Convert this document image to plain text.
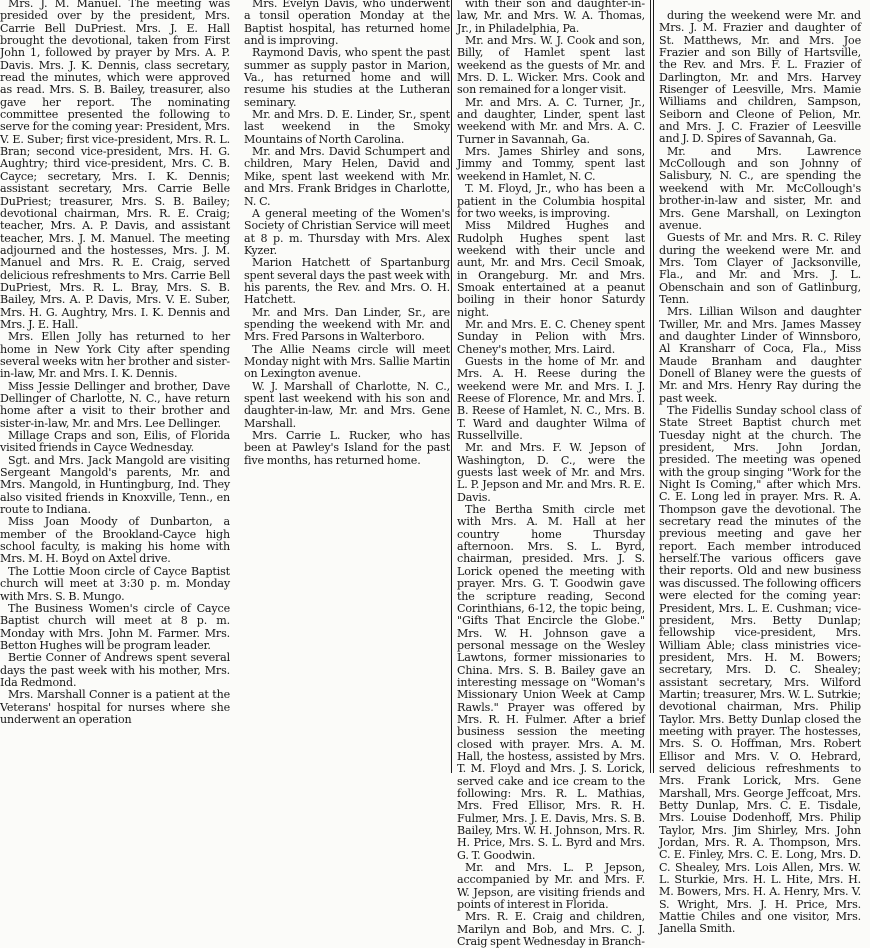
Mrs. J. M. Manuel. The meeting was presided over by the president, Mrs. Carrie Bell DuPriest. Mrs. J. E. Hall brought the devotional, taken from First John 1, followed by prayer by Mrs. A. P. Davis. Mrs. J. K. Dennis, class secretary, read the minutes, which were approved as read. Mrs. S. B. Bailey, treasurer, also gave her report. The nominating committee presented the following to serve for the coming year: President, Mrs. V. E. Suber; first vice-president, Mrs. R. L. Bran; second vice-president, Mrs. H. G. Aughtry; third vice-president, Mrs. C. B. Cayce; secretary, Mrs. I. K. Dennis; assistant secretary, Mrs. Carrie Belle DuPriest; treasurer, Mrs. S. B. Bailey; devotional chairman, Mrs. R. E. Craig; teacher, Mrs. A. P. Davis, and assistant teacher, Mrs. J. M. Manuel. The meeting adjourned and the hostesses, Mrs. J. M. Manuel and Mrs. R. E. Craig, served delicious refreshments to Mrs. Carrie Bell DuPriest, Mrs. R. L. Bray, Mrs. S. B. Bailey, Mrs. A. P. Davis, Mrs. V. E. Suber, Mrs. H. G. Aughtry, Mrs. I. K. Dennis and Mrs. J. E. Hall.

Mrs. Ellen Jolly has returned to her home in New York City after spending several weeks witn her brother and sister-in-law, Mr. and Mrs. I. K. Dennis.

Miss Jessie Dellinger and brother, Dave Dellinger of Charlotte, N. C., have return home after a visit to their brother and sister-in-law, Mr. and Mrs. Lee Dellinger.

Millage Craps and son, Eilis, of Florida visited friends in Cayce Wednesday.

Sgt. and Mrs. Jack Mangold are visiting Sergeant Mangold's parents, Mr. and Mrs. Mangold, in Huntingburg, Ind. They also visited friends in Knoxville, Tenn., en route to Indiana.

Miss Joan Moody of Dunbarton, a member of the Brookland-Cayce high school faculty, is making his home with Mrs. M. H. Boyd on Axtel drive.

The Lottie Moon circle of Cayce Baptist church will meet at 3:30 p. m. Monday with Mrs. S. B. Mungo.

The Business Women's circle of Cayce Baptist church will meet at 8 p. m. Monday with Mrs. John M. Farmer. Mrs. Betton Hughes will be program leader.

Bertie Conner of Andrews spent several days the past week with his mother, Mrs. Ida Redmond.

Mrs. Marshall Conner is a patient at the Veterans' hospital for nurses where she underwent an operation

Mrs. Evelyn Davis, who underwent a tonsil operation Monday at the Baptist hospital, has returned home and is improving.

Raymond Davis, who spent the past summer as supply pastor in Marion, Va., has returned home and will resume his studies at the Lutheran seminary.

Mr. and Mrs. D. E. Linder, Sr., spent last weekend in the Smoky Mountains of North Carolina.

Mr. and Mrs. David Schumpert and children, Mary Helen, David and Mike, spent last weekend with Mr. and Mrs. Frank Bridges in Charlotte, N. C.

A general meeting of the Women's Society of Christian Service will meet at 8 p. m. Thursday with Mrs. Alex Kyzer.

Marion Hatchett of Spartanburg spent several days the past week with his parents, the Rev. and Mrs. O. H. Hatchett.

Mr. and Mrs. Dan Linder, Sr., are spending the weekend with Mr. and Mrs. Fred Parsons in Walterboro.

The Allie Neams circle will meet Monday night with Mrs. Sallie Martin on Lexington avenue.

W. J. Marshall of Charlotte, N. C., spent last weekend with his son and daughter-in-law, Mr. and Mrs. Gene Marshall.

Mrs. Carrie L. Rucker, who has been at Pawley's Island for the past five months, has returned home.

with their son and daughter-in-law, Mr. and Mrs. W. A. Thomas, Jr., in Philadelphia, Pa.

Mr. and Mrs. W. J. Cook and son, Billy, of Hamlet spent last weekend as the guests of Mr. and Mrs. D. L. Wicker. Mrs. Cook and son remained for a longer visit.

Mr. and Mrs. A. C. Turner, Jr., and daughter, Linder, spent last weekend with Mr. and Mrs. A. C. Turner in Savannah, Ga.

Mrs. James Shirley and sons, Jimmy and Tommy, spent last weekend in Hamlet, N. C.

T. M. Floyd, Jr., who has been a patient in the Columbia hospital for two weeks, is improving.

Miss Mildred Hughes and Rudolph Hughes spent last weekend with their uncle and aunt, Mr. and Mrs. Cecil Smoak, in Orangeburg. Mr. and Mrs. Smoak entertained at a peanut boiling in their honor Saturdy night.

Mr. and Mrs. E. C. Cheney spent Sunday in Pelion with Mrs. Cheney's mother, Mrs. Laird.

Guests in the home of Mr. and Mrs. A. H. Reese during the weekend were Mr. and Mrs. I. J. Reese of Florence, Mr. and Mrs. I. B. Reese of Hamlet, N. C., Mrs. B. T. Ward and daughter Wilma of Russellville.

Mr. and Mrs. F. W. Jepson of Washington, D. C., were the guests last week of Mr. and Mrs. L. P. Jepson and Mr. and Mrs. R. E. Davis.

The Bertha Smith circle met with Mrs. A. M. Hall at her country home Thursday afternoon. Mrs. S. L. Byrd, chairman, presided. Mrs. J. S. Lorick opened the meeting with prayer. Mrs. G. T. Goodwin gave the scripture reading, Second Corinthians, 6-12, the topic being, "Gifts That Encircle the Globe." Mrs. W. H. Johnson gave a personal message on the Wesley Lawtons, former missionaries to China. Mrs. S. B. Bailey gave an interesting message on "Woman's Missionary Union Week at Camp Rawls." Prayer was offered by Mrs. R. H. Fulmer. After a brief business session the meeting closed with prayer. Mrs. A. M. Hall, the hostess, assisted by Mrs. T. M. Floyd and Mrs. J. S. Lorick, served cake and ice cream to the following: Mrs. R. L. Mathias, Mrs. Fred Ellisor, Mrs. R. H. Fulmer, Mrs. J. E. Davis, Mrs. S. B. Bailey, Mrs. W. H. Johnson, Mrs. R. H. Price, Mrs. S. L. Byrd and Mrs. G. T. Goodwin.

Mr. and Mrs. L. P. Jepson, accompanied by Mr. and Mrs. F. W. Jepson, are visiting friends and points of interest in Florida.

Mrs. R. E. Craig and children, Marilyn and Bob, and Mrs. C. J. Craig spent Wednesday in Branch-

during the weekend were Mr. and Mrs. J. M. Frazier and daughter of St. Matthews, Mr. and Mrs. Joe Frazier and son Billy of Hartsville, the Rev. and Mrs. F. L. Frazier of Darlington, Mr. and Mrs. Harvey Risenger of Leesville, Mrs. Mamie Williams and children, Sampson, Seiborn and Cleone of Pelion, Mr. and Mrs. J. C. Frazier of Leesville and J. D. Spires of Savannah, Ga.

Mr. and Mrs. Lawrence McCollough and son Johnny of Salisbury, N. C., are spending the weekend with Mr. McCollough's brother-in-law and sister, Mr. and Mrs. Gene Marshall, on Lexington avenue.

Guests of Mr. and Mrs. R. C. Riley during the weekend were Mr. and Mrs. Tom Clayer of Jacksonville, Fla., and Mr. and Mrs. J. L. Obenschain and son of Gatlinburg, Tenn.

Mrs. Lillian Wilson and daughter Twiller, Mr. and Mrs. James Massey and daughter Linder of Winnsboro, Al Kransharr of Coca, Fla., Miss Maude Branham and daughter Donell of Blaney were the guests of Mr. and Mrs. Henry Ray during the past week.

The Fidellis Sunday school class of State Street Baptist church met Tuesday night at the church. The president, Mrs. John Jordan, presided. The meeting was opened with the group singing "Work for the Night Is Coming," after which Mrs. C. E. Long led in prayer. Mrs. R. A. Thompson gave the devotional. The secretary read the minutes of the previous meeting and gave her report. Each member introduced herself.The various officers gave their reports. Old and new business was discussed. The following officers were elected for the coming year: President, Mrs. L. E. Cushman; vice-president, Mrs. Betty Dunlap; fellowship vice-president, Mrs. William Able; class ministries vice-president, Mrs. H. M. Bowers; secretary, Mrs. D. C. Shealey; assistant secretary, Mrs. Wilford Martin; treasurer, Mrs. W. L. Sutrkie; devotional chairman, Mrs. Philip Taylor. Mrs. Betty Dunlap closed the meeting with prayer. The hostesses, Mrs. S. O. Hoffman, Mrs. Robert Ellisor and Mrs. V. O. Hebrard, served delicious refreshments to Mrs. Frank Lorick, Mrs. Gene Marshall, Mrs. George Jeffcoat, Mrs. Betty Dunlap, Mrs. C. E. Tisdale, Mrs. Louise Dodenhoff, Mrs. Philip Taylor, Mrs. Jim Shirley, Mrs. John Jordan, Mrs. R. A. Thompson, Mrs. C. E. Finley, Mrs. C. E. Long, Mrs. D. C. Shealey, Mrs. Lois Allen, Mrs. W. L. Sturkie, Mrs. H. L. Hite, Mrs. H. M. Bowers, Mrs. H. A. Henry, Mrs. V. S. Wright, Mrs. J. H. Price, Mrs. Mattie Chiles and one visitor, Mrs. Janella Smith.
